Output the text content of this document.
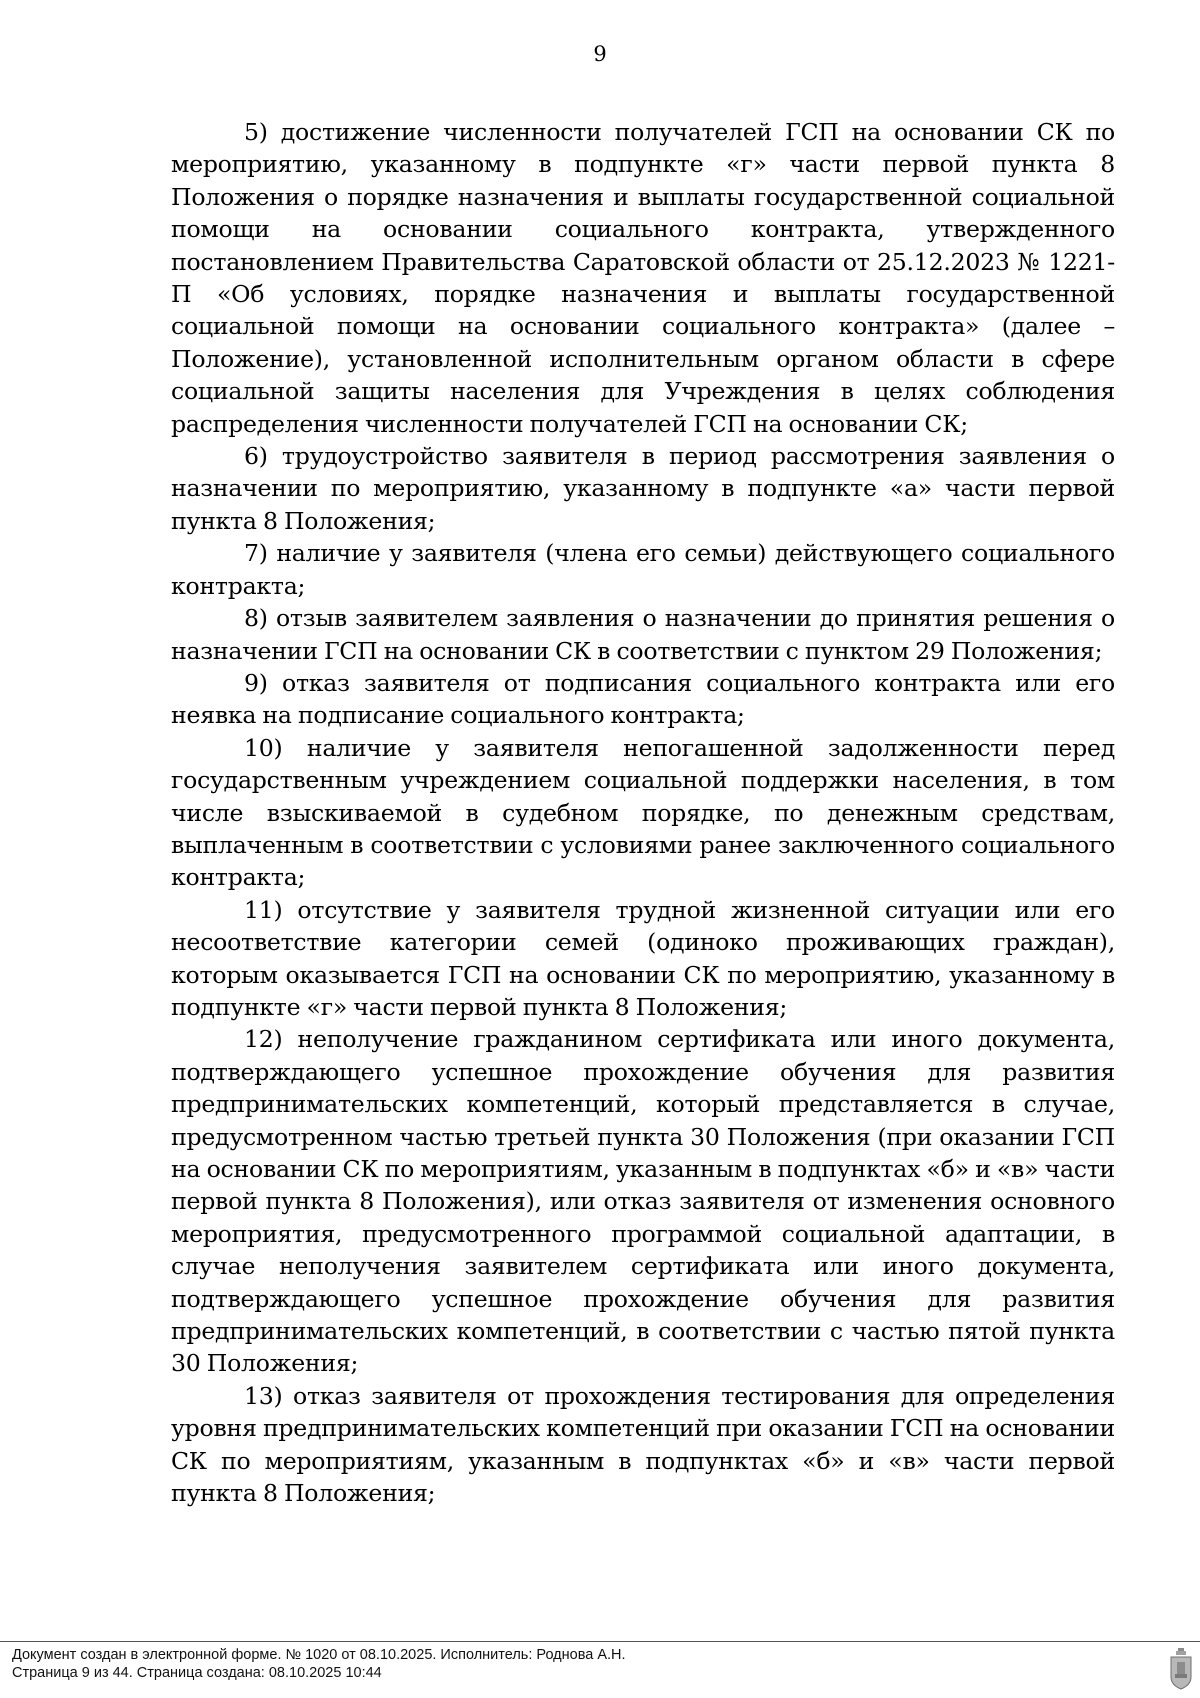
9

5) достижение численности получателей ГСП на основании СК по мероприятию, указанному в подпункте «г» части первой пункта 8 Положения о порядке назначения и выплаты государственной социальной помощи на основании социального контракта, утвержденного постановлением Правительства Саратовской области от 25.12.2023 № 1221-П «Об условиях, порядке назначения и выплаты государственной социальной помощи на основании социального контракта» (далее – Положение), установленной исполнительным органом области в сфере социальной защиты населения для Учреждения в целях соблюдения распределения численности получателей ГСП на основании СК;

6) трудоустройство заявителя в период рассмотрения заявления о назначении по мероприятию, указанному в подпункте «а» части первой пункта 8 Положения;

7) наличие у заявителя (члена его семьи) действующего социального контракта;

8) отзыв заявителем заявления о назначении до принятия решения о назначении ГСП на основании СК в соответствии с пунктом 29 Положения;

9) отказ заявителя от подписания социального контракта или его неявка на подписание социального контракта;

10) наличие у заявителя непогашенной задолженности перед государственным учреждением социальной поддержки населения, в том числе взыскиваемой в судебном порядке, по денежным средствам, выплаченным в соответствии с условиями ранее заключенного социального контракта;

11) отсутствие у заявителя трудной жизненной ситуации или его несоответствие категории семей (одиноко проживающих граждан), которым оказывается ГСП на основании СК по мероприятию, указанному в подпункте «г» части первой пункта 8 Положения;

12) неполучение гражданином сертификата или иного документа, подтверждающего успешное прохождение обучения для развития предпринимательских компетенций, который представляется в случае, предусмотренном частью третьей пункта 30 Положения (при оказании ГСП на основании СК по мероприятиям, указанным в подпунктах «б» и «в» части первой пункта 8 Положения), или отказ заявителя от изменения основного мероприятия, предусмотренного программой социальной адаптации, в случае неполучения заявителем сертификата или иного документа, подтверждающего успешное прохождение обучения для развития предпринимательских компетенций, в соответствии с частью пятой пункта 30 Положения;

13) отказ заявителя от прохождения тестирования для определения уровня предпринимательских компетенций при оказании ГСП на основании СК по мероприятиям, указанным в подпунктах «б» и «в» части первой пункта 8 Положения;

Документ создан в электронной форме. № 1020 от 08.10.2025. Исполнитель: Роднова А.Н.
Страница 9 из 44. Страница создана: 08.10.2025 10:44
